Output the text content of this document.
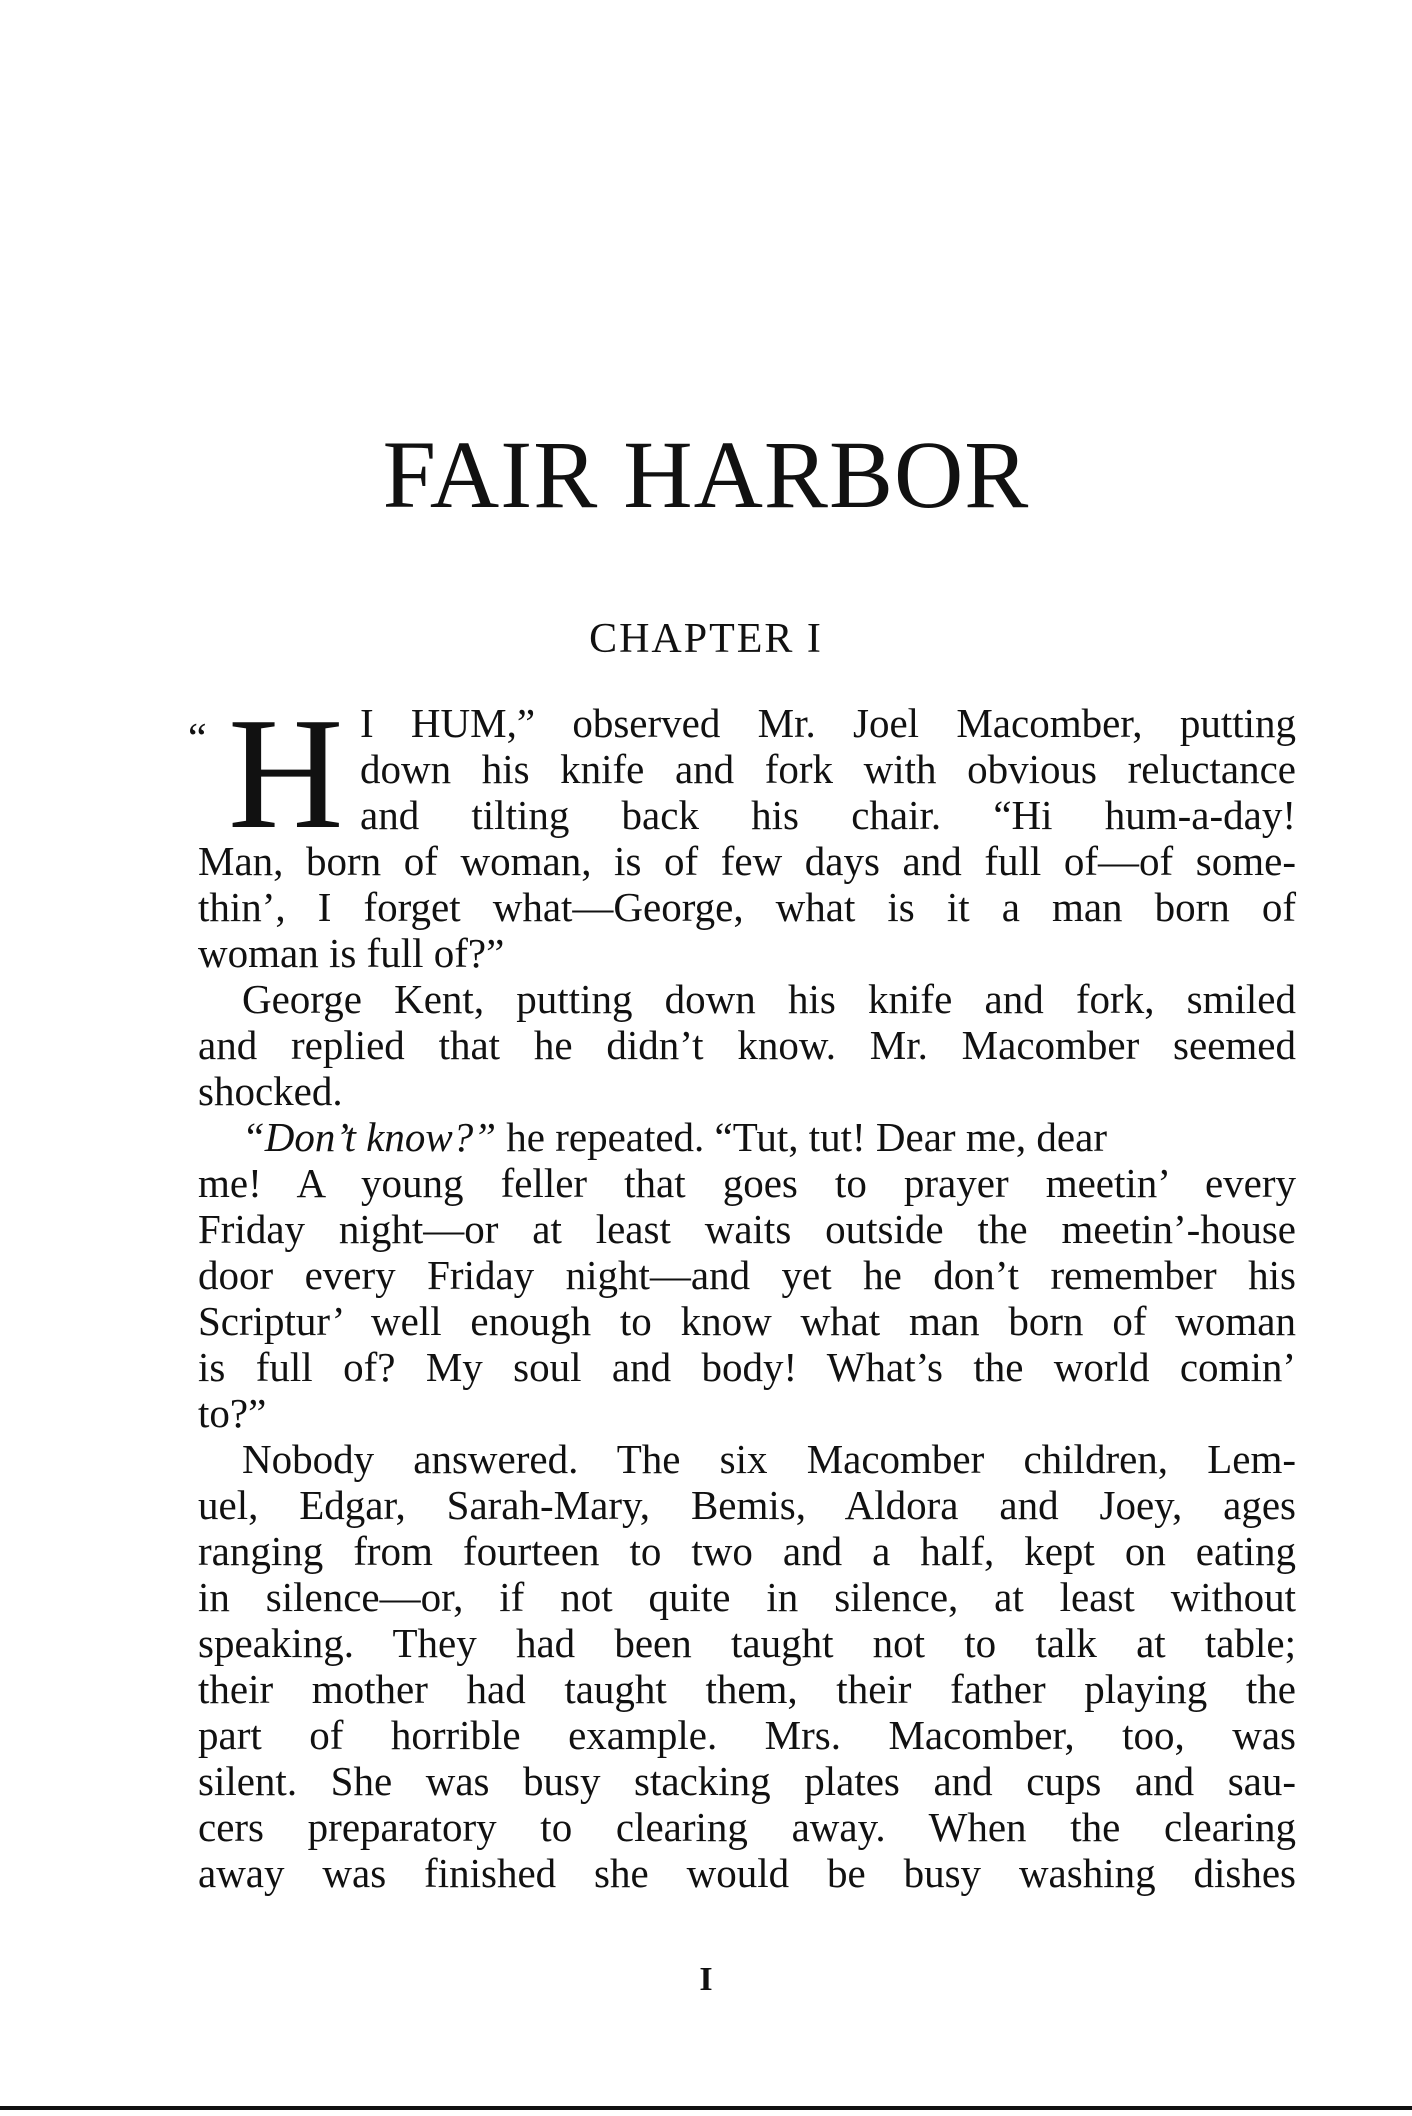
FAIR HARBOR
CHAPTER I
“ H I HUM,” observed Mr. Joel Macomber, putting
down his knife and fork with obvious reluctance
and tilting back his chair. “Hi hum-a-day!
Man, born of woman, is of few days and full of—of some-
thin’, I forget what—George, what is it a man born of
woman is full of?”
George Kent, putting down his knife and fork, smiled
and replied that he didn’t know. Mr. Macomber seemed
shocked.
“Don’t know?” he repeated. “Tut, tut! Dear me, dear
me! A young feller that goes to prayer meetin’ every
Friday night—or at least waits outside the meetin’-house
door every Friday night—and yet he don’t remember his
Scriptur’ well enough to know what man born of woman
is full of? My soul and body! What’s the world comin’
to?”
Nobody answered. The six Macomber children, Lem-
uel, Edgar, Sarah-Mary, Bemis, Aldora and Joey, ages
ranging from fourteen to two and a half, kept on eating
in silence—or, if not quite in silence, at least without
speaking. They had been taught not to talk at table;
their mother had taught them, their father playing the
part of horrible example. Mrs. Macomber, too, was
silent. She was busy stacking plates and cups and sau-
cers preparatory to clearing away. When the clearing
away was finished she would be busy washing dishes
I
